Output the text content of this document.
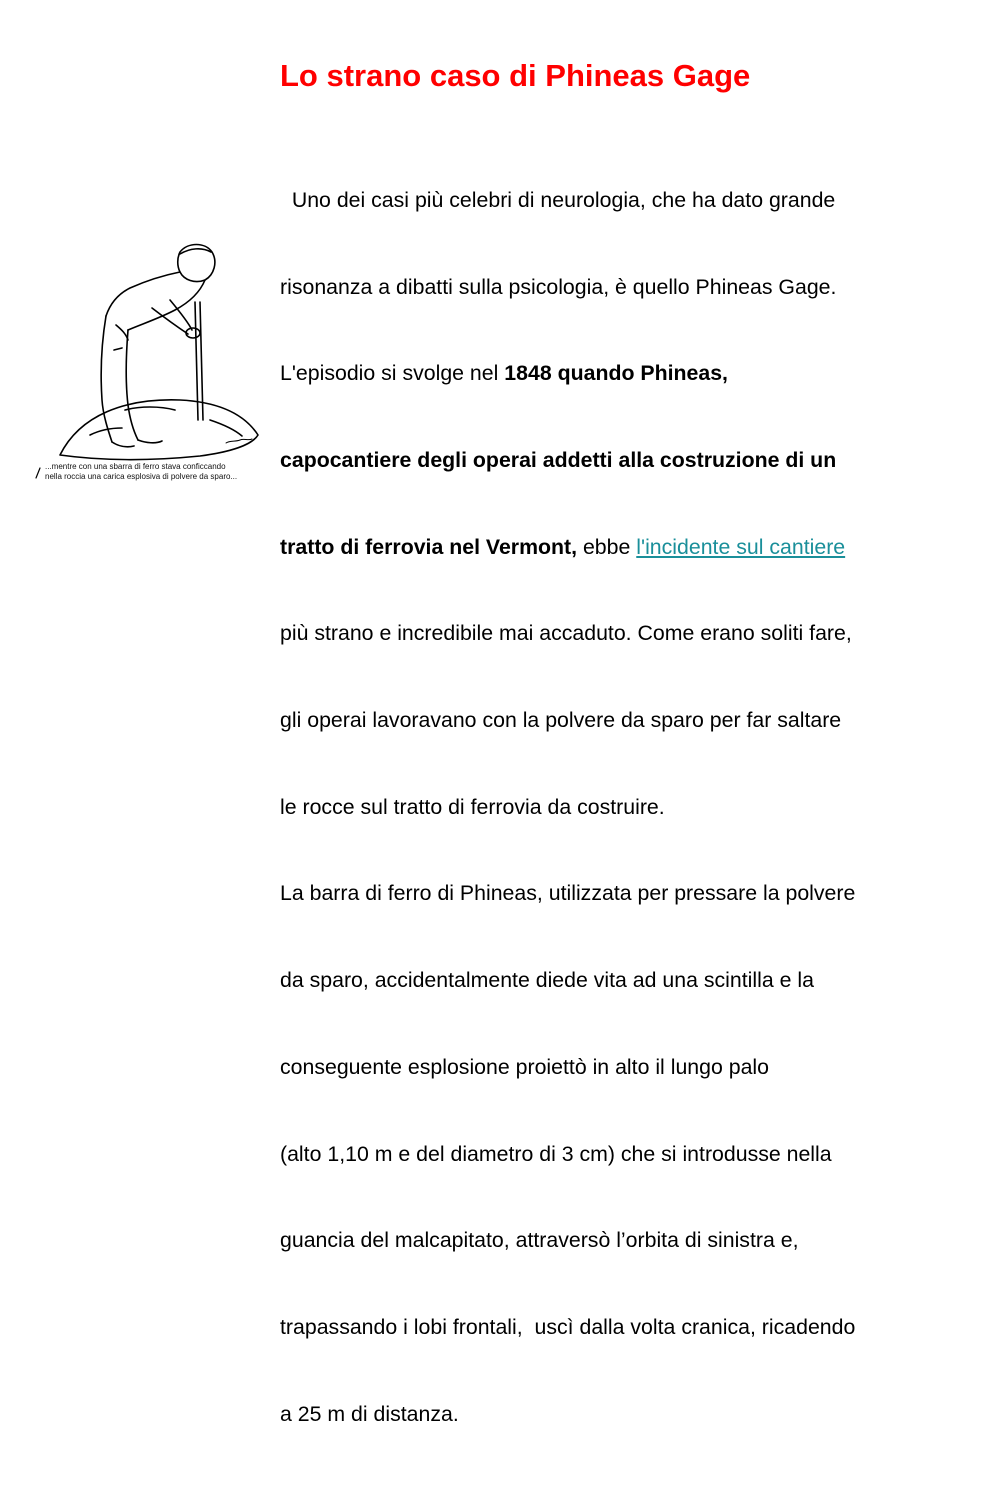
Lo strano caso di Phineas Gage

Uno dei casi più celebri di neurologia, che ha dato grande

risonanza a dibatti sulla psicologia, è quello Phineas Gage.

L'episodio si svolge nel 1848 quando Phineas,

capocantiere degli operai addetti alla costruzione di un

tratto di ferrovia nel Vermont, ebbe l'incidente sul cantiere

più strano e incredibile mai accaduto. Come erano soliti fare,

gli operai lavoravano con la polvere da sparo per far saltare

le rocce sul tratto di ferrovia da costruire.

La barra di ferro di Phineas, utilizzata per pressare la polvere

da sparo, accidentalmente diede vita ad una scintilla e la

conseguente esplosione proiettò in alto il lungo palo

(alto 1,10 m e del diametro di 3 cm) che si introdusse nella

guancia del malcapitato, attraversò l’orbita di sinistra e,

trapassando i lobi frontali,  uscì dalla volta cranica, ricadendo

a 25 m di distanza.

...mentre con una sbarra di ferro stava conficcando
nella roccia una carica esplosiva di polvere da sparo...
